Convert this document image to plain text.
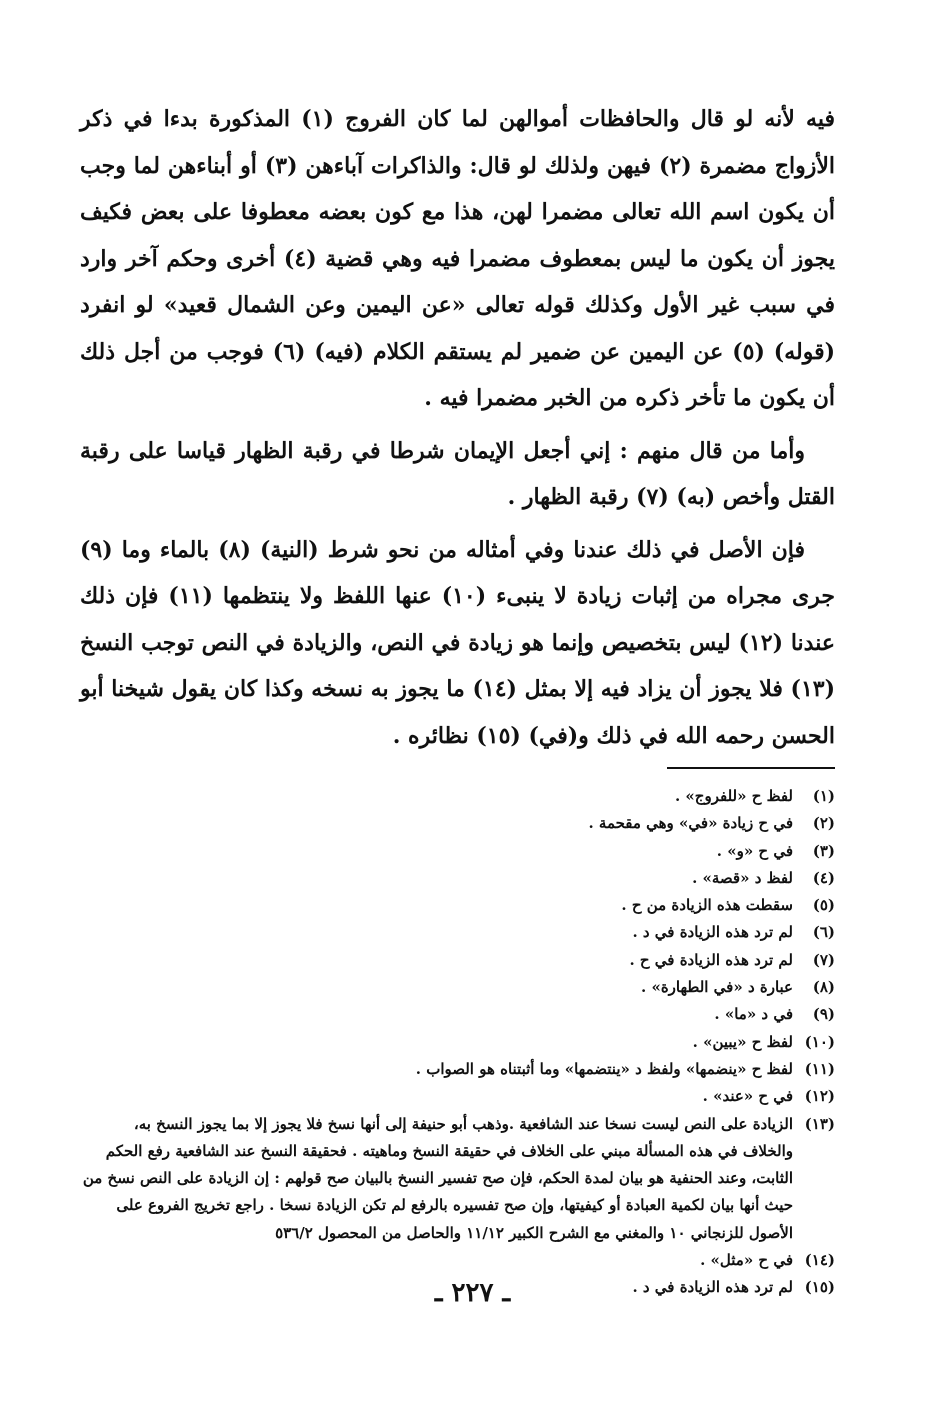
فيه لأنه لو قال والحافظات أموالهن لما كان الفروج (١) المذكورة بدءا في ذكر الأزواج مضمرة (٢) فيهن ولذلك لو قال: والذاكرات آباءهن (٣) أو أبناءهن لما وجب أن يكون اسم الله تعالى مضمرا لهن، هذا مع كون بعضه معطوفا على بعض فكيف يجوز أن يكون ما ليس بمعطوف مضمرا فيه وهي قضية (٤) أخرى وحكم آخر وارد في سبب غير الأول وكذلك قوله تعالى «عن اليمين وعن الشمال قعيد» لو انفرد (قوله) (٥) عن اليمين عن ضمير لم يستقم الكلام (فيه) (٦) فوجب من أجل ذلك أن يكون ما تأخر ذكره من الخبر مضمرا فيه .

وأما من قال منهم : إني أجعل الإيمان شرطا في رقبة الظهار قياسا على رقبة القتل وأخص (به) (٧) رقبة الظهار .

فإن الأصل في ذلك عندنا وفي أمثاله من نحو شرط (النية) (٨) بالماء وما (٩) جرى مجراه من إثبات زيادة لا ينبىء (١٠) عنها اللفظ ولا ينتظمها (١١) فإن ذلك عندنا (١٢) ليس بتخصيص وإنما هو زيادة في النص، والزيادة في النص توجب النسخ (١٣) فلا يجوز أن يزاد فيه إلا بمثل (١٤) ما يجوز به نسخه وكذا كان يقول شيخنا أبو الحسن رحمه الله في ذلك و(في) (١٥) نظائره .

(١)
لفظ ح «للفروج» .
(٢)
في ح زيادة «في» وهي مقحمة .
(٣)
في ح «و» .
(٤)
لفظ د «قصة» .
(٥)
سقطت هذه الزيادة من ح .
(٦)
لم ترد هذه الزيادة في د .
(٧)
لم ترد هذه الزيادة في ح .
(٨)
عبارة د «في الطهارة» .
(٩)
في د «ما» .
(١٠)
لفظ ح «يبين» .
(١١)
لفظ ح «ينضمها» ولفظ د «ينتضمها» وما أثبتناه هو الصواب .
(١٢)
في ح «عند» .
(١٣)
الزيادة على النص ليست نسخا عند الشافعية .وذهب أبو حنيفة إلى أنها نسخ فلا يجوز إلا بما يجوز النسخ به، والخلاف في هذه المسألة مبني على الخلاف في حقيقة النسخ وماهيته . فحقيقة النسخ عند الشافعية رفع الحكم الثابت، وعند الحنفية هو بيان لمدة الحكم، فإن صح تفسير النسخ بالبيان صح قولهم : إن الزيادة على النص نسخ من حيث أنها بيان لكمية العبادة أو كيفيتها، وإن صح تفسيره بالرفع لم تكن الزيادة نسخا . راجع تخريج الفروع على الأصول للزنجاني ١٠ والمغني مع الشرح الكبير ١١/١٢ والحاصل من المحصول ٥٣٦/٢
(١٤)
في ح «مثل» .
(١٥)
لم ترد هذه الزيادة في د .
ـ ٢٢٧ ـ
